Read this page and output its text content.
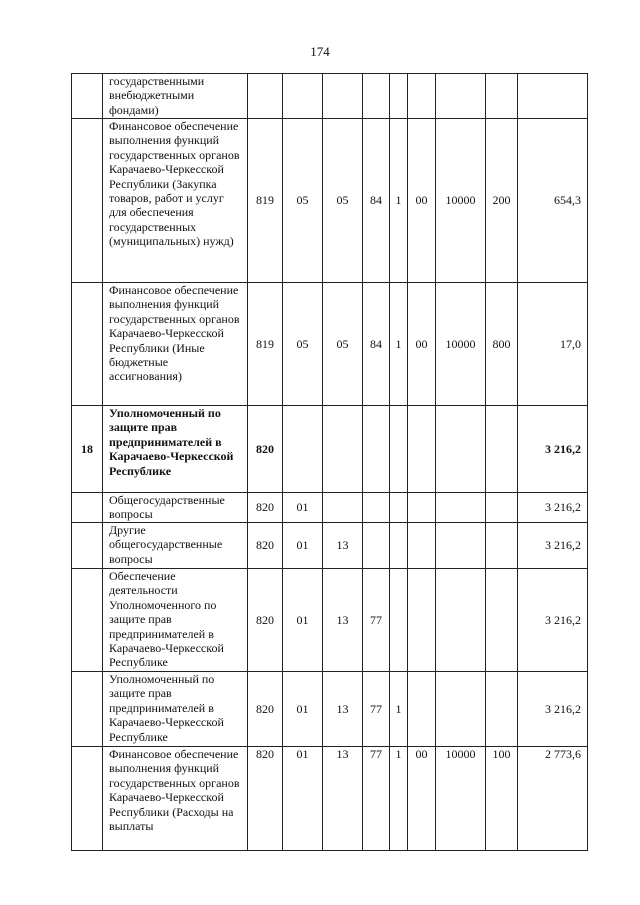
174
	государственными внебюджетными фондами)									
	Финансовое обеспечение выполнения функций государственных органов Карачаево-Черкесской Республики (Закупка товаров, работ и услуг для обеспечения государственных (муниципальных) нужд)	819	05	05	84	1	00	10000	200	654,3
	Финансовое обеспечение выполнения функций государственных органов Карачаево-Черкесской Республики (Иные бюджетные ассигнования)	819	05	05	84	1	00	10000	800	17,0
18	Уполномоченный по защите прав предпринимателей в Карачаево-Черкесской Республике	820								3 216,2
	Общегосударственные вопросы	820	01							3 216,2
	Другие общегосударственные вопросы	820	01	13						3 216,2
	Обеспечение деятельности Уполномоченного по защите прав предпринимателей в Карачаево-Черкесской Республике	820	01	13	77					3 216,2
	Уполномоченный по защите прав предпринимателей в Карачаево-Черкесской Республике	820	01	13	77	1				3 216,2
	Финансовое обеспечение выполнения функций государственных органов Карачаево-Черкесской Республики (Расходы на выплаты	820	01	13	77	1	00	10000	100	2 773,6
